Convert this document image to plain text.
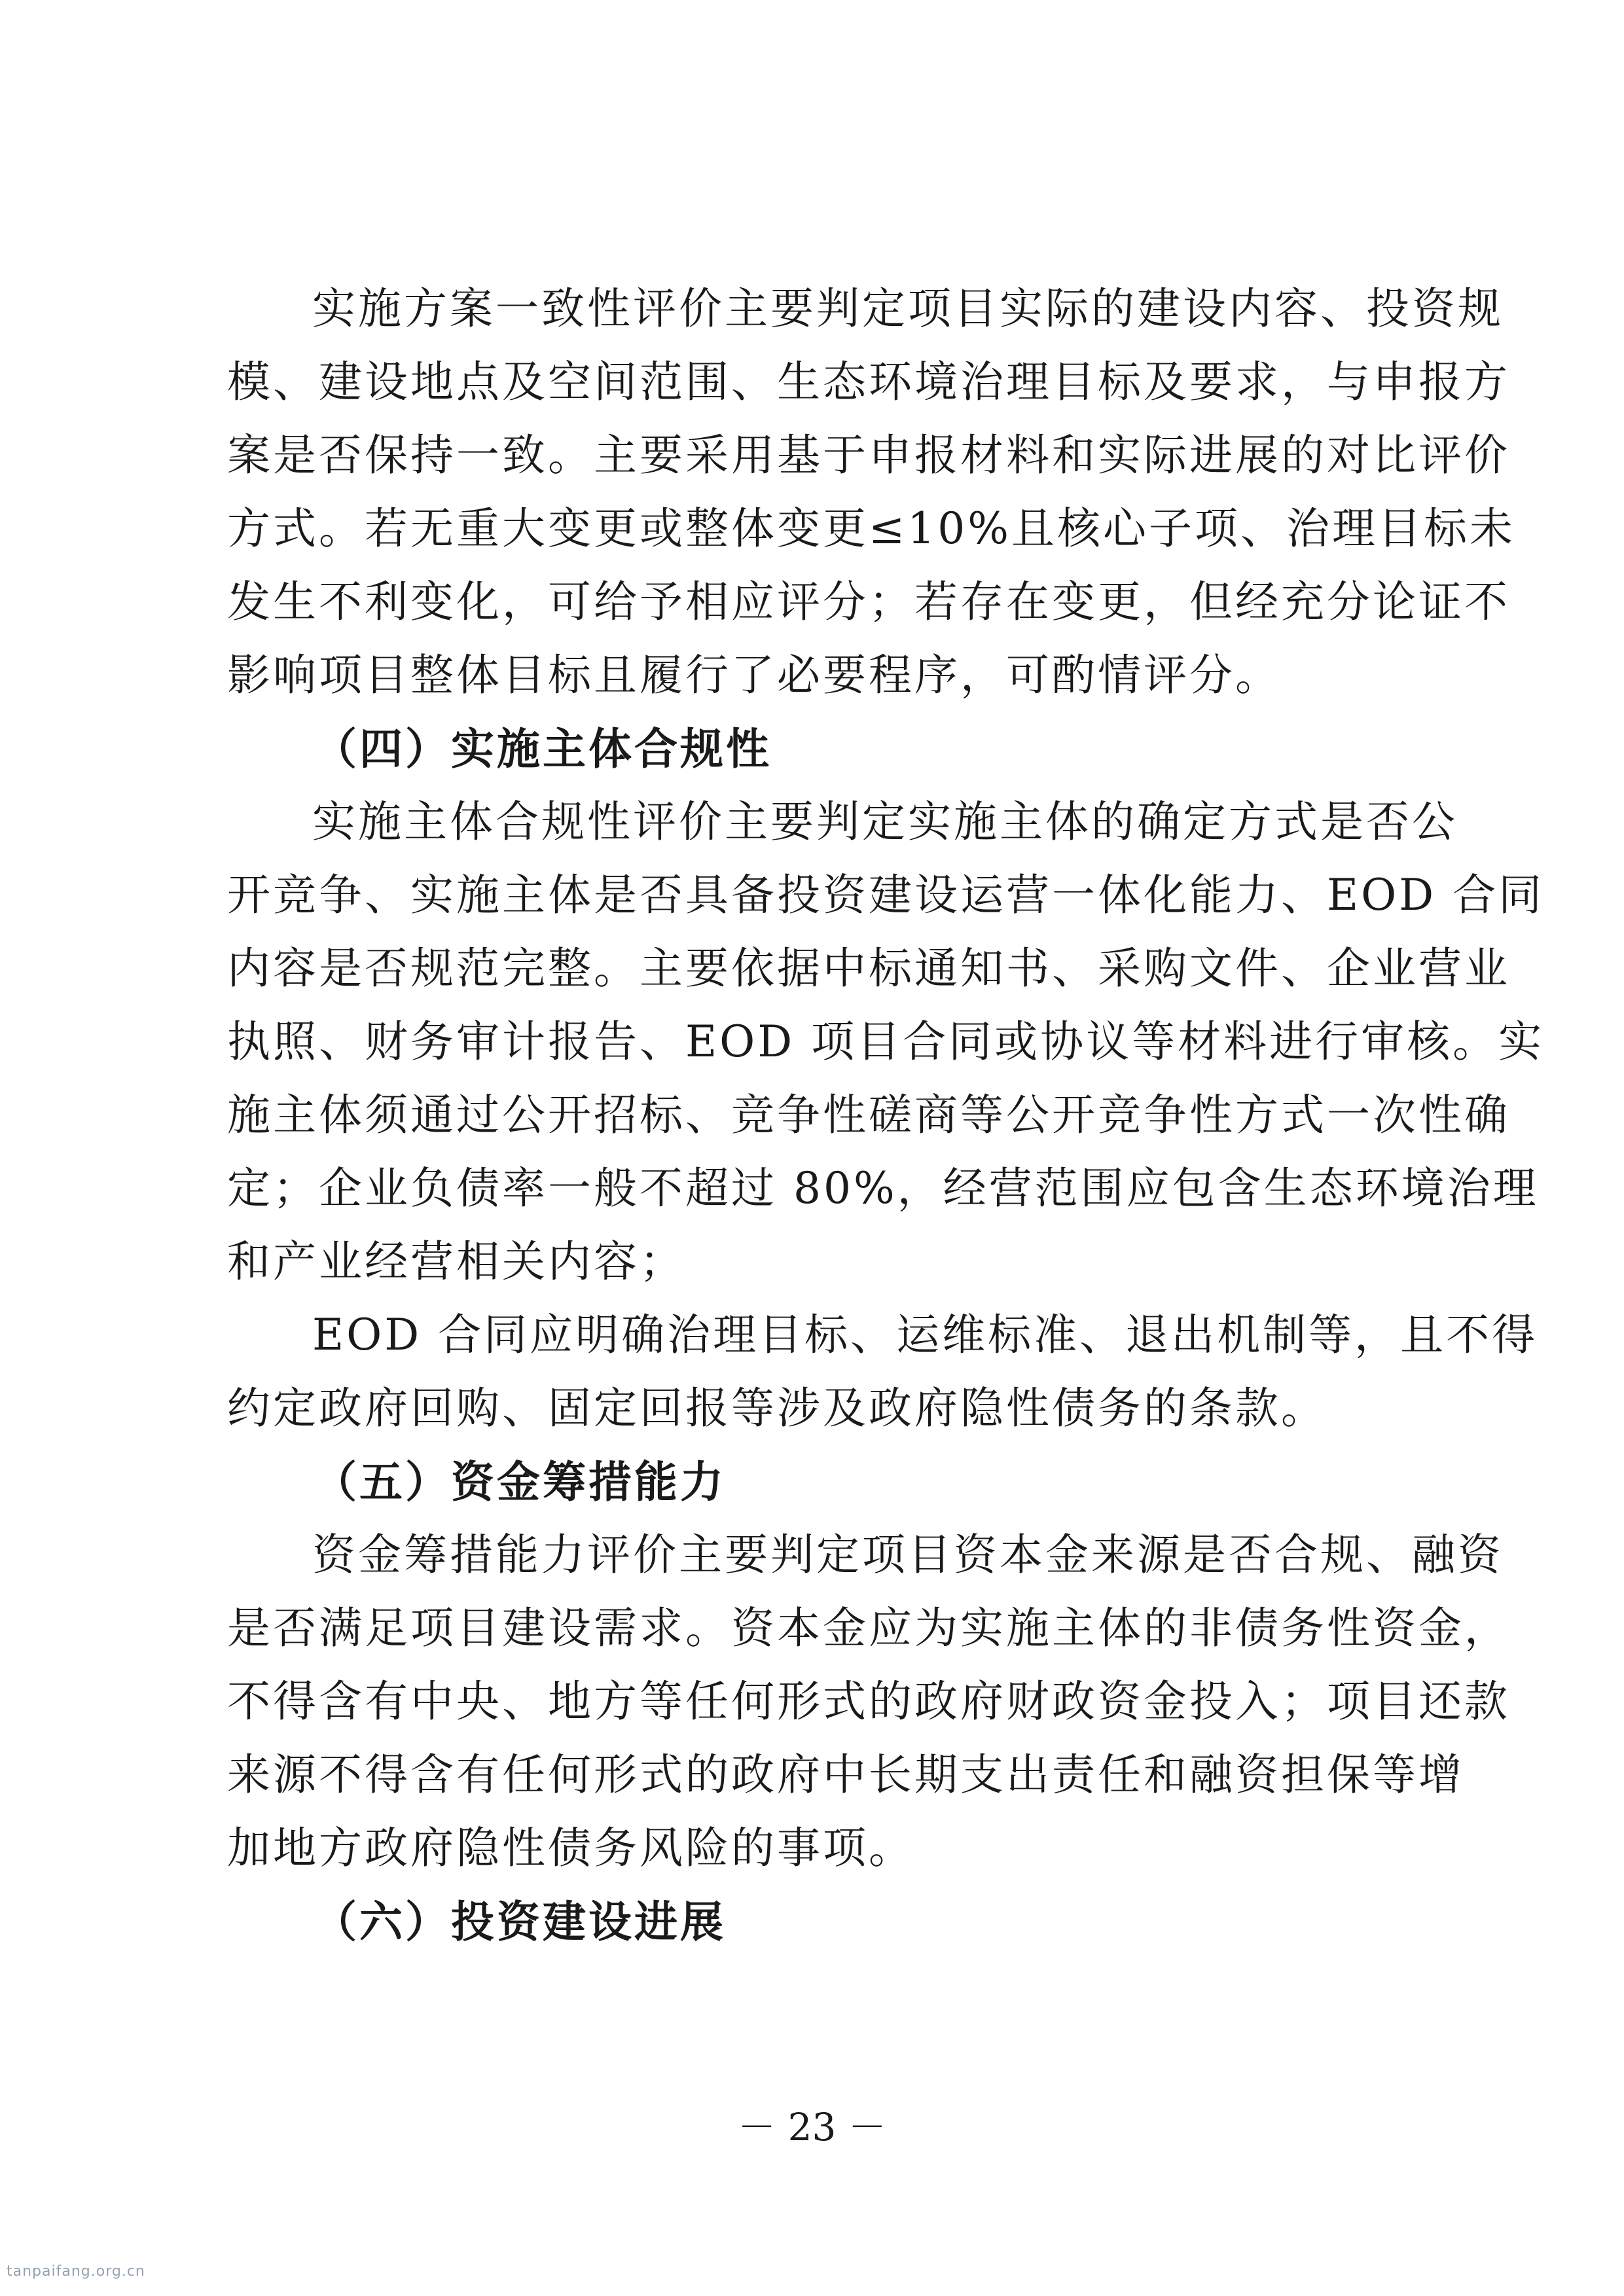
实施方案一致性评价主要判定项目实际的建设内容、投资规
模、建设地点及空间范围、生态环境治理目标及要求，与申报方
案是否保持一致。主要采用基于申报材料和实际进展的对比评价
方式。若无重大变更或整体变更≤10%且核心子项、治理目标未
发生不利变化，可给予相应评分；若存在变更，但经充分论证不
影响项目整体目标且履行了必要程序，可酌情评分。
（四）实施主体合规性
实施主体合规性评价主要判定实施主体的确定方式是否公
开竞争、实施主体是否具备投资建设运营一体化能力、EOD 合同
内容是否规范完整。主要依据中标通知书、采购文件、企业营业
执照、财务审计报告、EOD 项目合同或协议等材料进行审核。实
施主体须通过公开招标、竞争性磋商等公开竞争性方式一次性确
定；企业负债率一般不超过 80%，经营范围应包含生态环境治理
和产业经营相关内容；
EOD 合同应明确治理目标、运维标准、退出机制等，且不得
约定政府回购、固定回报等涉及政府隐性债务的条款。
（五）资金筹措能力
资金筹措能力评价主要判定项目资本金来源是否合规、融资
是否满足项目建设需求。资本金应为实施主体的非债务性资金，
不得含有中央、地方等任何形式的政府财政资金投入；项目还款
来源不得含有任何形式的政府中长期支出责任和融资担保等增
加地方政府隐性债务风险的事项。
（六）投资建设进展
－ 23 －
tanpaifang.org.cn
